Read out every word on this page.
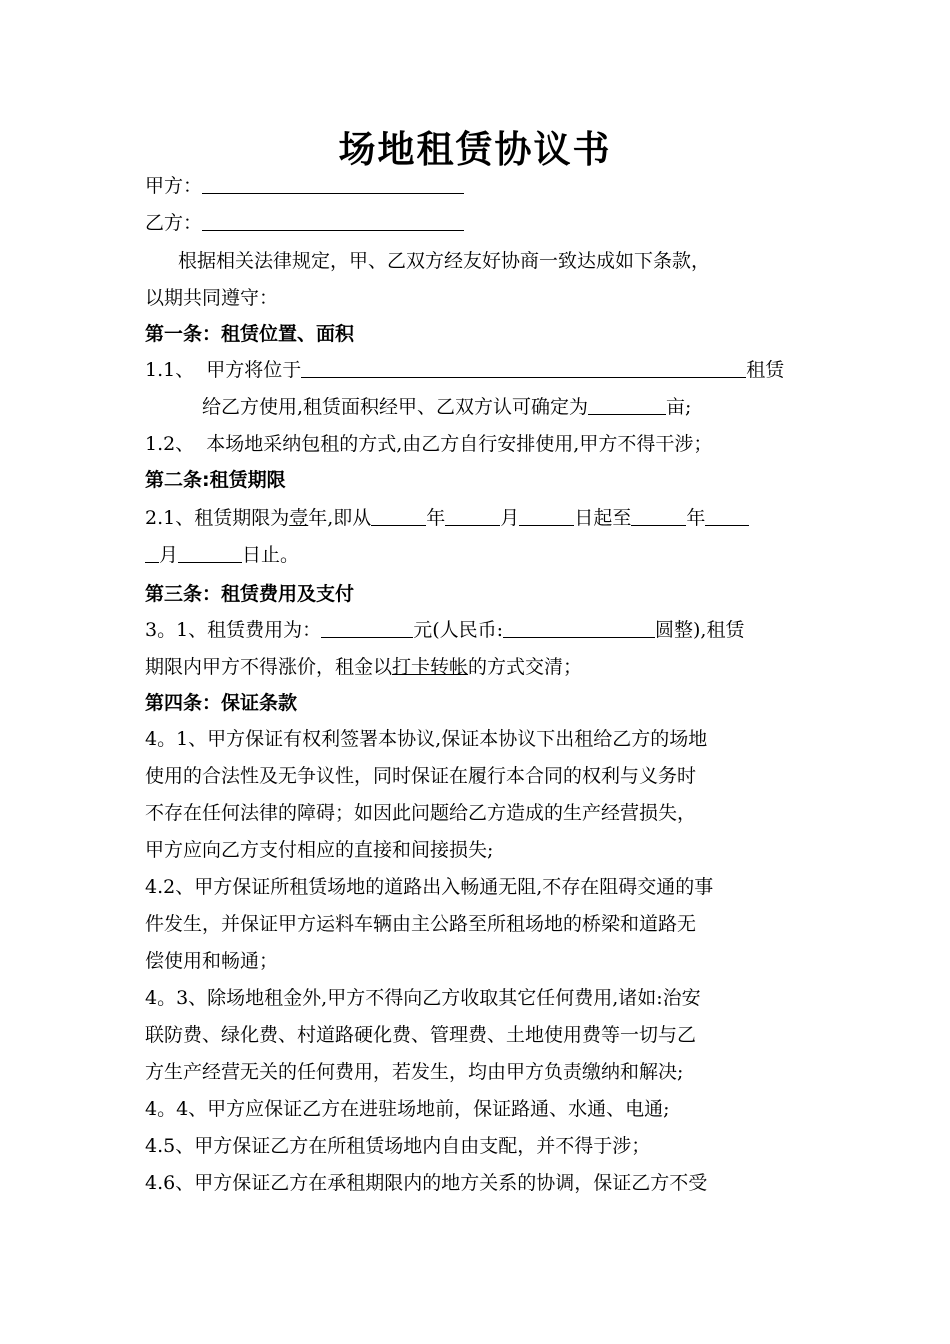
场地租赁协议书
甲方：
乙方：
根据相关法律规定，甲、乙双方经友好协商一致达成如下条款，
以期共同遵守：
第一条：租赁位置、面积
1.1、 甲方将位于	租赁
给乙方使用,租赁面积经甲、乙双方认可确定为	亩;
1.2、 本场地采纳包租的方式,由乙方自行安排使用,甲方不得干涉；
第二条:租赁期限
2.1、租赁期限为壹年,即从	年	月	日起至	年
月	日止。
第三条：租赁费用及支付
3。1、租赁费用为：	元(人民币:	圆整),租赁
期限内甲方不得涨价，租金以打卡转帐的方式交清；
第四条：保证条款
4。1、甲方保证有权利签署本协议,保证本协议下出租给乙方的场地
使用的合法性及无争议性，同时保证在履行本合同的权利与义务时
不存在任何法律的障碍；如因此问题给乙方造成的生产经营损失，
甲方应向乙方支付相应的直接和间接损失;
4.2、甲方保证所租赁场地的道路出入畅通无阻,不存在阻碍交通的事
件发生，并保证甲方运料车辆由主公路至所租场地的桥梁和道路无
偿使用和畅通；
4。3、除场地租金外,甲方不得向乙方收取其它任何费用,诸如:治安
联防费、绿化费、村道路硬化费、管理费、土地使用费等一切与乙
方生产经营无关的任何费用，若发生，均由甲方负责缴纳和解决;
4。4、甲方应保证乙方在进驻场地前，保证路通、水通、电通;
4.5、甲方保证乙方在所租赁场地内自由支配，并不得于涉；
4.6、甲方保证乙方在承租期限内的地方关系的协调，保证乙方不受
